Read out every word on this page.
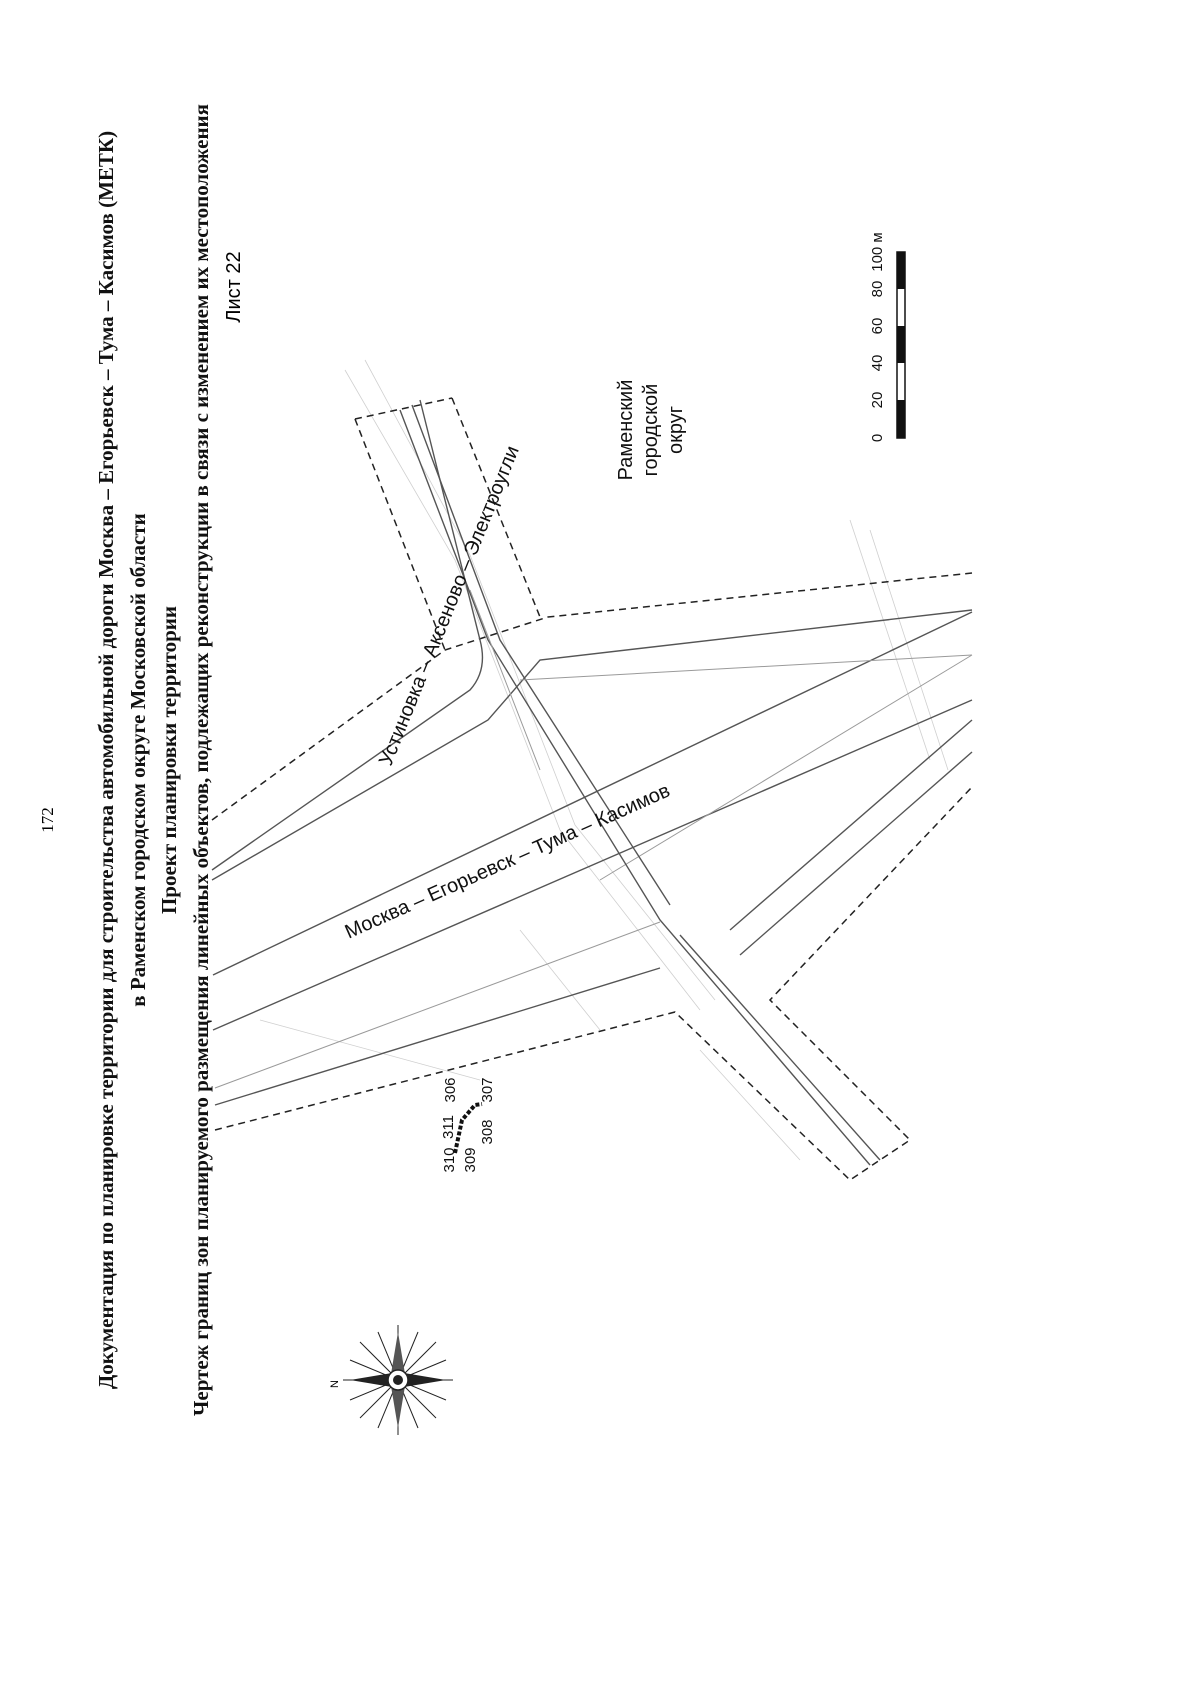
172 Документация по планировке территории для строительства автомобильной дороги Москва – Егорьевск – Тума – Касимов (МЕТК) в Раменском городском округе Московской области Проект планировки территории Чертеж границ зон планируемого размещения линейных объектов, подлежащих реконструкции в связи с изменением их местоположения Лист 22
Москва – Егорьевск – Тума – Касимов
Устиновка – Аксеново – Электроугли
Раменский городской округ
306 307
308
309
310
311
0
20
40
60
80
100 м
N
